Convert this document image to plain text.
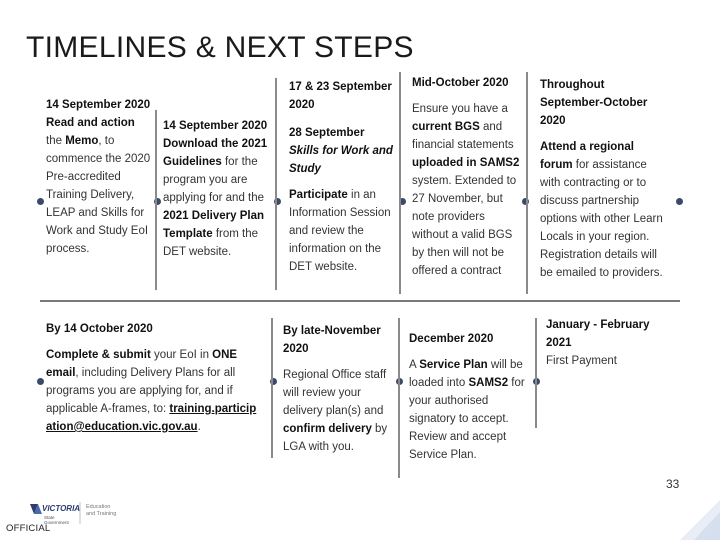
TIMELINES & NEXT STEPS
14 September 2020
Read and action the Memo, to commence the 2020 Pre-accredited Training Delivery, LEAP and Skills for Work and Study EoI process.
14 September 2020
Download the 2021 Guidelines for the program you are applying for and the 2021 Delivery Plan Template from the DET website.
17 & 23 September 2020
28 September
Skills for Work and Study
Participate in an Information Session and review the information on the DET website.
Mid-October 2020
Ensure you have a current BGS and financial statements uploaded in SAMS2 system. Extended to 27 November, but note providers without a valid BGS by then will not be offered a contract
Throughout September-October 2020
Attend a regional forum for assistance with contracting or to discuss partnership options with other Learn Locals in your region. Registration details will be emailed to providers.
By 14 October 2020
Complete & submit your EoI in ONE email, including Delivery Plans for all programs you are applying for, and if applicable A-frames, to: training.participation@education.vic.gov.au.
By late-November 2020
Regional Office staff will review your delivery plan(s) and confirm delivery by LGA with you.
December 2020
A Service Plan will be loaded into SAMS2 for your authorised signatory to accept. Review and accept Service Plan.
January - February 2021
First Payment
VICTORIA
State Government
Education
and Training
OFFICIAL
33
